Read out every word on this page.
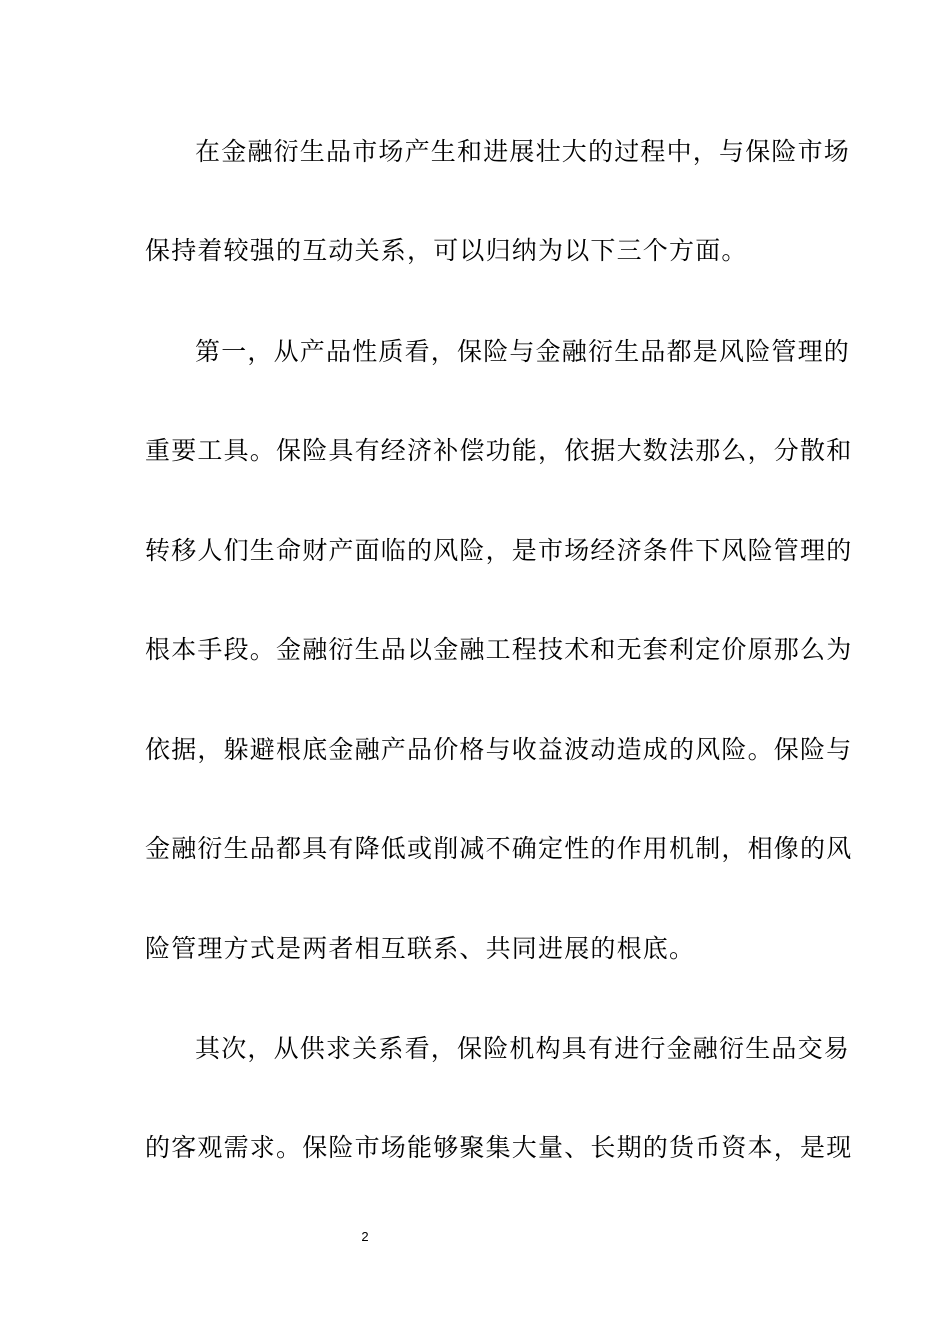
在金融衍生品市场产生和进展壮大的过程中，与保险市场
保持着较强的互动关系，可以归纳为以下三个方面。
第一，从产品性质看，保险与金融衍生品都是风险管理的
重要工具。保险具有经济补偿功能，依据大数法那么，分散和
转移人们生命财产面临的风险，是市场经济条件下风险管理的
根本手段。金融衍生品以金融工程技术和无套利定价原那么为
依据，躲避根底金融产品价格与收益波动造成的风险。保险与
金融衍生品都具有降低或削减不确定性的作用机制，相像的风
险管理方式是两者相互联系、共同进展的根底。
其次，从供求关系看，保险机构具有进行金融衍生品交易
的客观需求。保险市场能够聚集大量、长期的货币资本，是现
2
